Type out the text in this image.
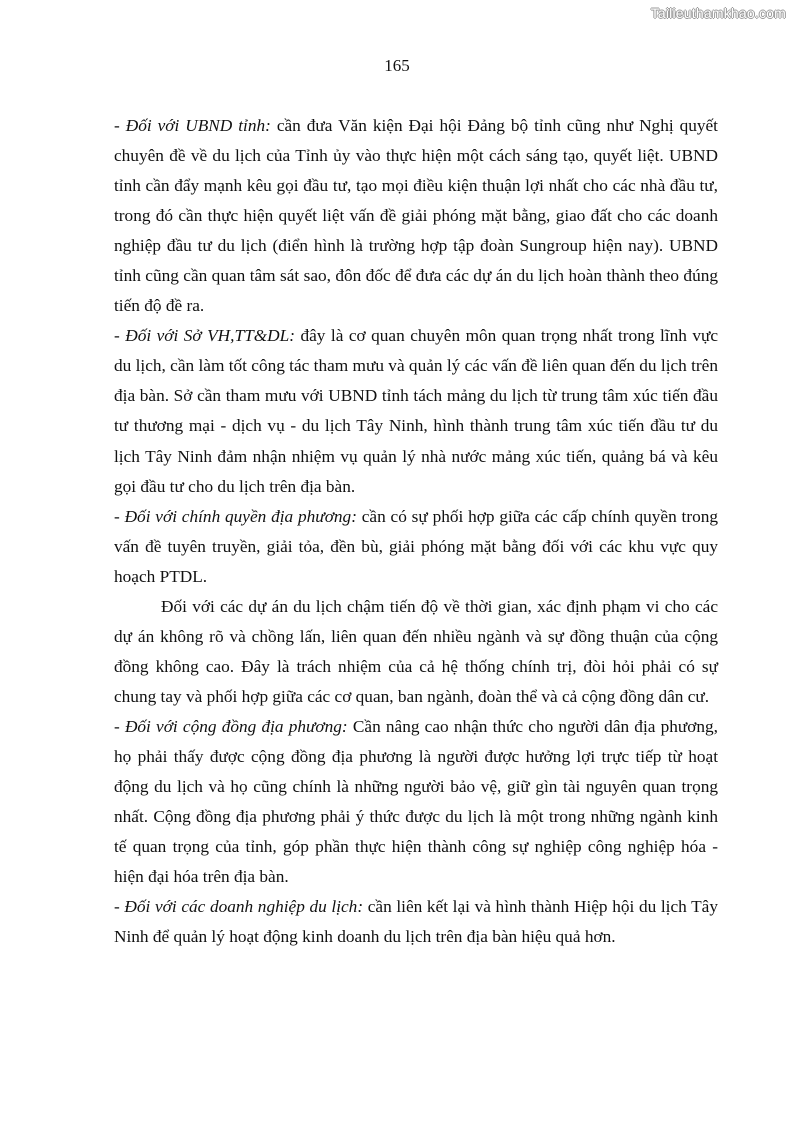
Tailieuthamkhao.com
165

- Đối với UBND tỉnh: cần đưa Văn kiện Đại hội Đảng bộ tỉnh cũng như Nghị quyết chuyên đề về du lịch của Tỉnh ủy vào thực hiện một cách sáng tạo, quyết liệt. UBND tỉnh cần đẩy mạnh kêu gọi đầu tư, tạo mọi điều kiện thuận lợi nhất cho các nhà đầu tư, trong đó cần thực hiện quyết liệt vấn đề giải phóng mặt bằng, giao đất cho các doanh nghiệp đầu tư du lịch (điển hình là trường hợp tập đoàn Sungroup hiện nay). UBND tỉnh cũng cần quan tâm sát sao, đôn đốc để đưa các dự án du lịch hoàn thành theo đúng tiến độ đề ra.

- Đối với Sở VH,TT&DL: đây là cơ quan chuyên môn quan trọng nhất trong lĩnh vực du lịch, cần làm tốt công tác tham mưu và quản lý các vấn đề liên quan đến du lịch trên địa bàn. Sở cần tham mưu với UBND tỉnh tách mảng du lịch từ trung tâm xúc tiến đầu tư thương mại - dịch vụ - du lịch Tây Ninh, hình thành trung tâm xúc tiến đầu tư du lịch Tây Ninh đảm nhận nhiệm vụ quản lý nhà nước mảng xúc tiến, quảng bá và kêu gọi đầu tư cho du lịch trên địa bàn.

- Đối với chính quyền địa phương: cần có sự phối hợp giữa các cấp chính quyền trong vấn đề tuyên truyền, giải tỏa, đền bù, giải phóng mặt bằng đối với các khu vực quy hoạch PTDL.

Đối với các dự án du lịch chậm tiến độ về thời gian, xác định phạm vi cho các dự án không rõ và chồng lấn, liên quan đến nhiều ngành và sự đồng thuận của cộng đồng không cao. Đây là trách nhiệm của cả hệ thống chính trị, đòi hỏi phải có sự chung tay và phối hợp giữa các cơ quan, ban ngành, đoàn thể và cả cộng đồng dân cư.

- Đối với cộng đồng địa phương: Cần nâng cao nhận thức cho người dân địa phương, họ phải thấy được cộng đồng địa phương là người được hưởng lợi trực tiếp từ hoạt động du lịch và họ cũng chính là những người bảo vệ, giữ gìn tài nguyên quan trọng nhất. Cộng đồng địa phương phải ý thức được du lịch là một trong những ngành kinh tế quan trọng của tỉnh, góp phần thực hiện thành công sự nghiệp công nghiệp hóa - hiện đại hóa trên địa bàn.

- Đối với các doanh nghiệp du lịch: cần liên kết lại và hình thành Hiệp hội du lịch Tây Ninh để quản lý hoạt động kinh doanh du lịch trên địa bàn hiệu quả hơn.
